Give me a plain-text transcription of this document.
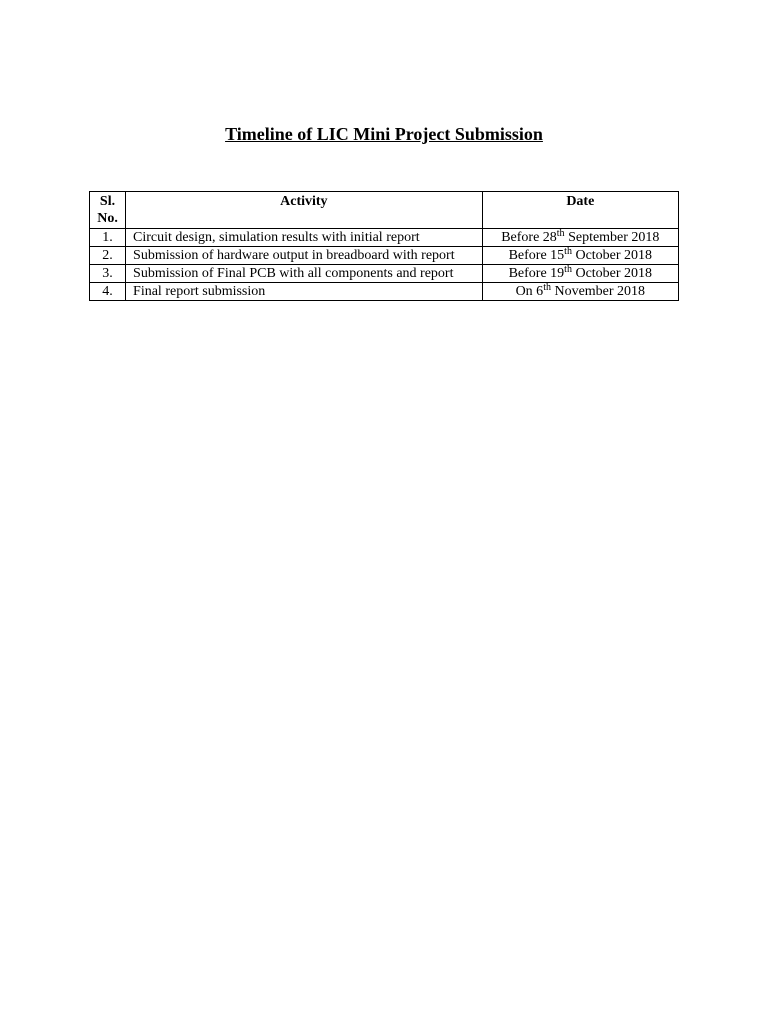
Timeline of LIC Mini Project Submission
Sl. No.	Activity	Date
1.	Circuit design, simulation results with initial report	Before 28th September 2018
2.	Submission of hardware output in breadboard with report	Before 15th October 2018
3.	Submission of Final PCB with all components and report	Before 19th October 2018
4.	Final report submission	On 6th November 2018
